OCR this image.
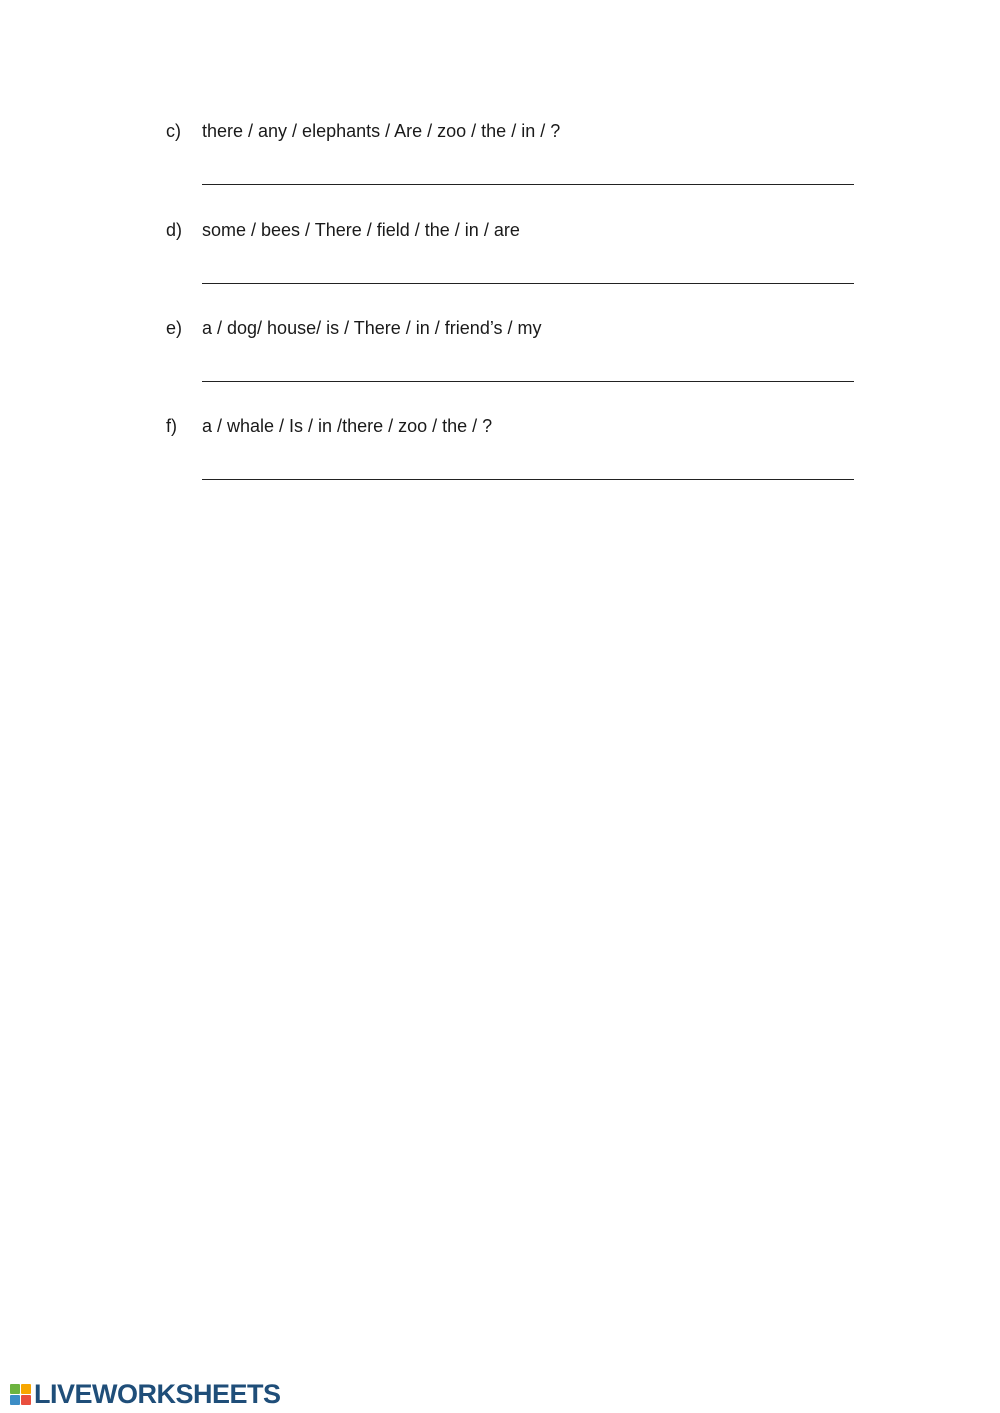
c)	there / any / elephants / Are / zoo / the / in / ?
d)	some / bees / There / field / the / in / are
e)	a / dog/ house/ is / There / in / friend’s / my
f)	a / whale / Is / in /there / zoo / the / ?
LIVEWORKSHEETS
